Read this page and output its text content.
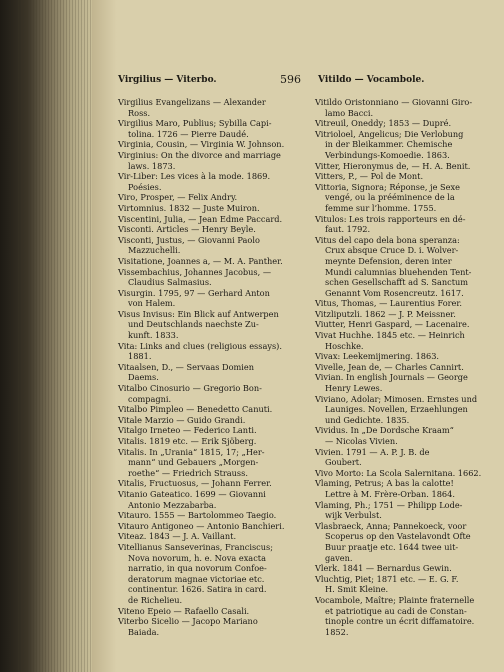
Virgilius — Viterbo.	596 Vitildo — Vocambole.

Virgilius Evangelizans — Alexander
Ross.

Virgilius Maro, Publius; Sybilla Capi-
tolina. 1726 — Pierre Daudé.

Virginia, Cousin, — Virginia W. Johnson.

Virginius: On the divorce and marriage
laws. 1873.

Vir-Liber: Les vices à la mode. 1869.
Poésies.

Viro, Prosper, — Felix Andry.

Virtomnius. 1832 — Juste Muiron.

Viscentini, Julia, — Jean Edme Paccard.

Visconti. Articles — Henry Beyle.

Visconti, Justus, — Giovanni Paolo
Mazzuchelli.

Visitatione, Joannes a, — M. A. Panther.

Vissembachius, Johannes Jacobus, —
Claudius Salmasius.

Visurgin. 1795, 97 — Gerhard Anton
von Halem.

Visus Invisus: Ein Blick auf Antwerpen
und Deutschlands naechste Zu-
kunft. 1833.

Vita: Links and clues (religious essays).
1881.

Vitaalsen, D., — Servaas Domien
Daems.

Vitalbo Cinosurio — Gregorio Bon-
compagni.

Vitalbo Pimpleo — Benedetto Canuti.

Vitale Marzio — Guido Grandi.

Vitalgo Irneteo — Federico Lanti.

Vitalis. 1819 etc. — Erik Sjöberg.

Vitalis. In „Urania“ 1815, 17; „Her-
mann“ und Gebauers „Morgen-
roethe“ — Friedrich Strauss.

Vitalis, Fructuosus, — Johann Ferrer.

Vitanio Gateatico. 1699 — Giovanni
Antonio Mezzabarba.

Vitauro. 1555 — Bartolommeo Taegio.

Vitauro Antigoneo — Antonio Banchieri.

Viteaz. 1843 — J. A. Vaillant.

Vitellianus Sanseverinas, Franciscus;
Nova novorum, h. e. Nova exacta
narratio, in qua novorum Confoe-
deratorum magnae victoriae etc.
continentur. 1626. Satira in card.
de Richelieu.

Viteno Epeio — Rafaello Casali.

Viterbo Sicelio — Jacopo Mariano
Baiada.

Vitildo Oristonniano — Giovanni Giro-
lamo Bacci.

Vitreuil, Oneddy; 1853 — Dupré.

Vitrioloel, Angelicus; Die Verlobung
in der Bleikammer. Chemische
Verbindungs-Komoedie. 1863.

Vitter, Hieronymus de, — H. A. Benit.

Vitters, P., — Pol de Mont.

Vittoria, Signora; Réponse, je Sexe
vengé, ou la prééminence de la
femme sur l’homme. 1755.

Vitulos: Les trois rapporteurs en dé-
faut. 1792.

Vitus del capo dela bona speranza:
Crux absque Cruce D. i. Wolver-
meynte Defension, deren inter
Mundi calumnias bluehenden Tent-
schen Gesellschafft ad S. Sanctum
Genannt Vom Rosencreutz. 1617.

Vitus, Thomas, — Laurentius Forer.

Vitzliputzli. 1862 — J. P. Meissner.

Viutter, Henri Gaspard, — Lacenaire.

Vivat Huchhe. 1845 etc. — Heinrich
Hoschke.

Vivax: Leekemijmering. 1863.

Vivelle, Jean de, — Charles Cannirt.

Vivian. In english Journals — George
Henry Lewes.

Viviano, Adolar; Mimosen. Ernstes und
Launiges. Novellen, Erzaehlungen
und Gedichte. 1835.

Vividus. In „De Dordsche Kraam“
— Nicolas Vivien.

Vivien. 1791 — A. P. J. B. de
Goubert.

Vivo Morto: La Scola Salernitana. 1662.

Vlaming, Petrus; A bas la calotte!
Lettre à M. Frère-Orban. 1864.

Vlaming, Ph.; 1751 — Philipp Lode-
wijk Verbulst.

Vlasbraeck, Anna; Pannekoeck, voor
Scoperus op den Vastelavondt Ofte
Buur praatje etc. 1644 twee uit-
gaven.

Vlerk. 1841 — Bernardus Gewin.

Vluchtig, Piet; 1871 etc. — E. G. F.
H. Smit Kleine.

Vocambole, Maître; Plainte fraternelle
et patriotique au cadi de Constan-
tinople contre un écrit diffamatoire.
1852.
